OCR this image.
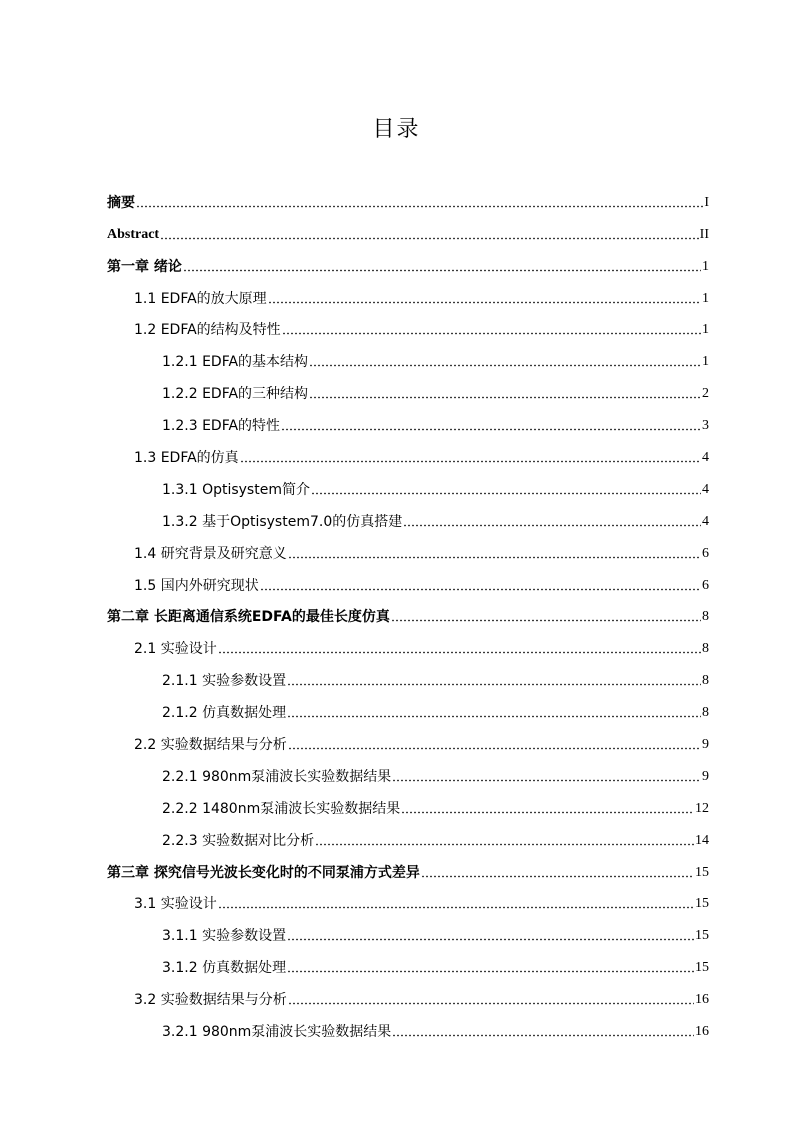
目录
摘要	I
Abstract	II
第一章 绪论	1
1.1 EDFA的放大原理	1
1.2 EDFA的结构及特性	1
1.2.1 EDFA的基本结构	1
1.2.2 EDFA的三种结构	2
1.2.3 EDFA的特性	3
1.3 EDFA的仿真	4
1.3.1 Optisystem简介	4
1.3.2 基于Optisystem7.0的仿真搭建	4
1.4 研究背景及研究意义	6
1.5 国内外研究现状	6
第二章 长距离通信系统EDFA的最佳长度仿真	8
2.1 实验设计	8
2.1.1 实验参数设置	8
2.1.2 仿真数据处理	8
2.2 实验数据结果与分析	9
2.2.1 980nm泵浦波长实验数据结果	9
2.2.2 1480nm泵浦波长实验数据结果	12
2.2.3 实验数据对比分析	14
第三章 探究信号光波长变化时的不同泵浦方式差异	15
3.1 实验设计	15
3.1.1 实验参数设置	15
3.1.2 仿真数据处理	15
3.2 实验数据结果与分析	16
3.2.1 980nm泵浦波长实验数据结果	16
